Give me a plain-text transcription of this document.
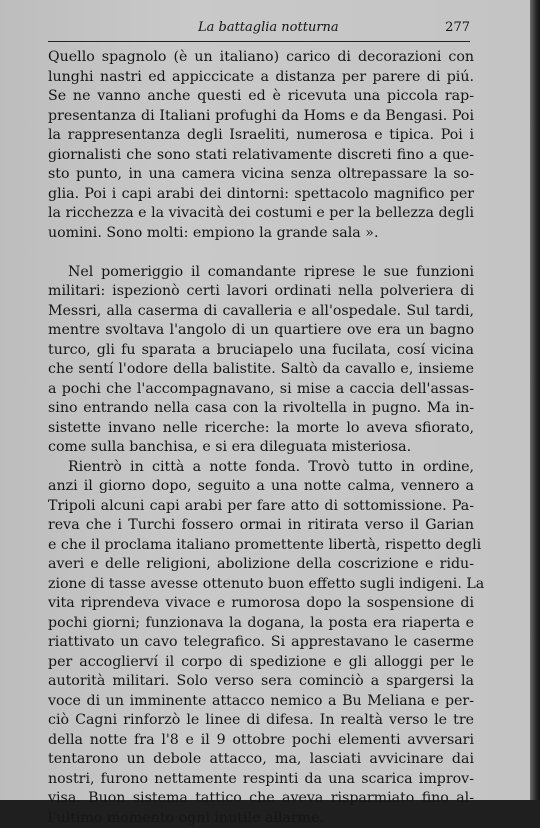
La battaglia notturna	277
Quello spagnolo (è un italiano) carico di decorazioni con
lunghi nastri ed appiccicate a distanza per parere di piú.
Se ne vanno anche questi ed è ricevuta una piccola rap-
presentanza di Italiani profughi da Homs e da Bengasi. Poi
la rappresentanza degli Israeliti, numerosa e tipica. Poi i
giornalisti che sono stati relativamente discreti fino a que-
sto punto, in una camera vicina senza oltrepassare la so-
glia. Poi i capi arabi dei dintorni: spettacolo magnifico per
la ricchezza e la vivacità dei costumi e per la bellezza degli
uomini. Sono molti: empiono la grande sala ».
Nel pomeriggio il comandante riprese le sue funzioni
militari: ispezionò certi lavori ordinati nella polveriera di
Messri, alla caserma di cavalleria e all'ospedale. Sul tardi,
mentre svoltava l'angolo di un quartiere ove era un bagno
turco, gli fu sparata a bruciapelo una fucilata, cosí vicina
che sentí l'odore della balistite. Saltò da cavallo e, insieme
a pochi che l'accompagnavano, si mise a caccia dell'assas-
sino entrando nella casa con la rivoltella in pugno. Ma in-
sistette invano nelle ricerche: la morte lo aveva sfiorato,
come sulla banchisa, e si era dileguata misteriosa.
Rientrò in città a notte fonda. Trovò tutto in ordine,
anzi il giorno dopo, seguito a una notte calma, vennero a
Tripoli alcuni capi arabi per fare atto di sottomissione. Pa-
reva che i Turchi fossero ormai in ritirata verso il Garian
e che il proclama italiano promettente libertà, rispetto degli
averi e delle religioni, abolizione della coscrizione e ridu-
zione di tasse avesse ottenuto buon effetto sugli indigeni. La
vita riprendeva vivace e rumorosa dopo la sospensione di
pochi giorni; funzionava la dogana, la posta era riaperta e
riattivato un cavo telegrafico. Si apprestavano le caserme
per accoglierví il corpo di spedizione e gli alloggi per le
autorità militari. Solo verso sera cominciò a spargersi la
voce di un imminente attacco nemico a Bu Meliana e per-
ciò Cagni rinforzò le linee di difesa. In realtà verso le tre
della notte fra l'8 e il 9 ottobre pochi elementi avversari
tentarono un debole attacco, ma, lasciati avvicinare dai
nostri, furono nettamente respinti da una scarica improv-
visa. Buon sistema tattico che aveva risparmiato fino al-
l'ultimo momento ogni inutile allarme.
